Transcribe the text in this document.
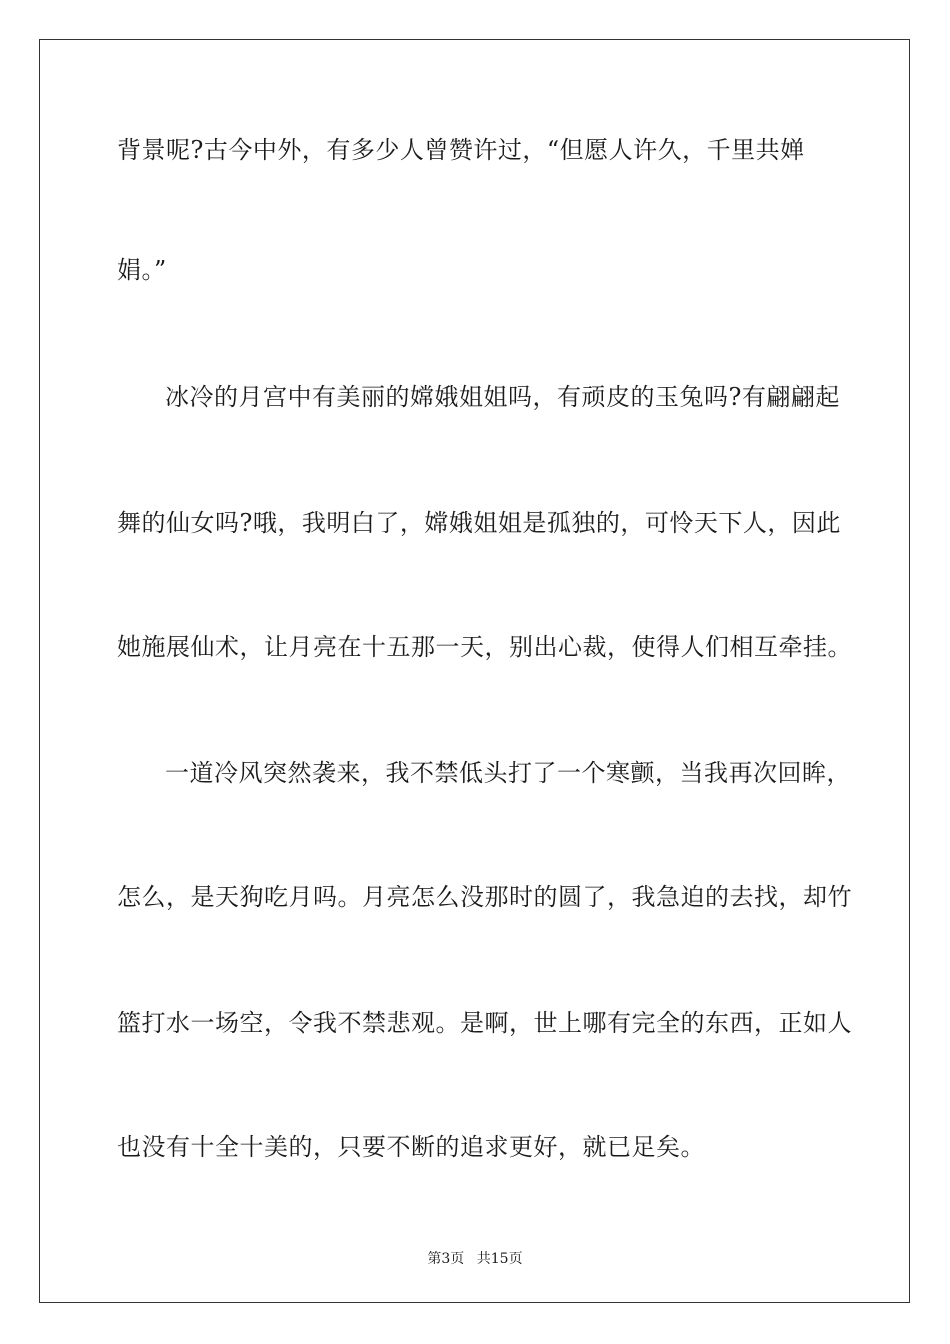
背景呢?古今中外，有多少人曾赞许过，“但愿人许久，千里共婵
娟。”
冰冷的月宫中有美丽的嫦娥姐姐吗，有顽皮的玉兔吗?有翩翩起
舞的仙女吗?哦，我明白了，嫦娥姐姐是孤独的，可怜天下人，因此
她施展仙术，让月亮在十五那一天，别出心裁，使得人们相互牵挂。
一道冷风突然袭来，我不禁低头打了一个寒颤，当我再次回眸，
怎么，是天狗吃月吗。月亮怎么没那时的圆了，我急迫的去找，却竹
篮打水一场空，令我不禁悲观。是啊，世上哪有完全的东西，正如人
也没有十全十美的，只要不断的追求更好，就已足矣。
第3页 共15页
